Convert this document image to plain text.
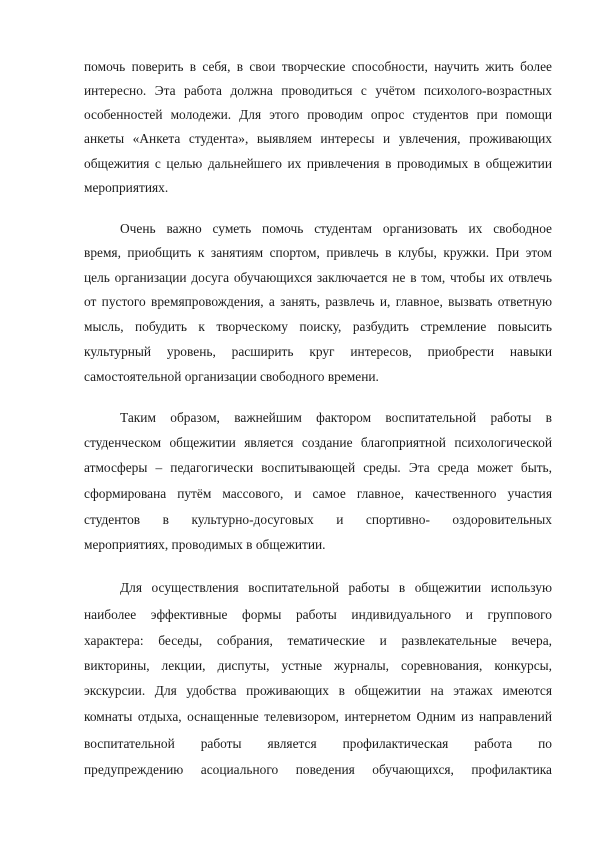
помочь поверить в себя, в свои творческие способности, научить жить более
интересно. Эта работа должна проводиться с учётом психолого-возрастных
особенностей молодежи. Для этого проводим опрос студентов при помощи
анкеты «Анкета студента», выявляем интересы и увлечения, проживающих
общежития с целью дальнейшего их привлечения в проводимых в общежитии
мероприятиях.
Очень важно суметь помочь студентам организовать их свободное
время, приобщить к занятиям спортом, привлечь в клубы, кружки. При этом
цель организации досуга обучающихся заключается не в том, чтобы их отвлечь
от пустого времяпровождения, а занять, развлечь и, главное, вызвать ответную
мысль, побудить к творческому поиску, разбудить стремление повысить
культурный уровень, расширить круг интересов, приобрести навыки
самостоятельной организации свободного времени.
Таким образом, важнейшим фактором воспитательной работы в
студенческом общежитии является создание благоприятной психологической
атмосферы – педагогически воспитывающей среды. Эта среда может быть,
сформирована путём массового, и самое главное, качественного участия
студентов в культурно-досуговых и спортивно- оздоровительных
мероприятиях, проводимых в общежитии.
Для осуществления воспитательной работы в общежитии использую
наиболее эффективные формы работы индивидуального и группового
характера: беседы, собрания, тематические и развлекательные вечера,
викторины, лекции, диспуты, устные журналы, соревнования, конкурсы,
экскурсии. Для удобства проживающих в общежитии на этажах имеются
комнаты отдыха, оснащенные телевизором, интернетом Одним из направлений
воспитательной работы является профилактическая работа по
предупреждению асоциального поведения обучающихся, профилактика
